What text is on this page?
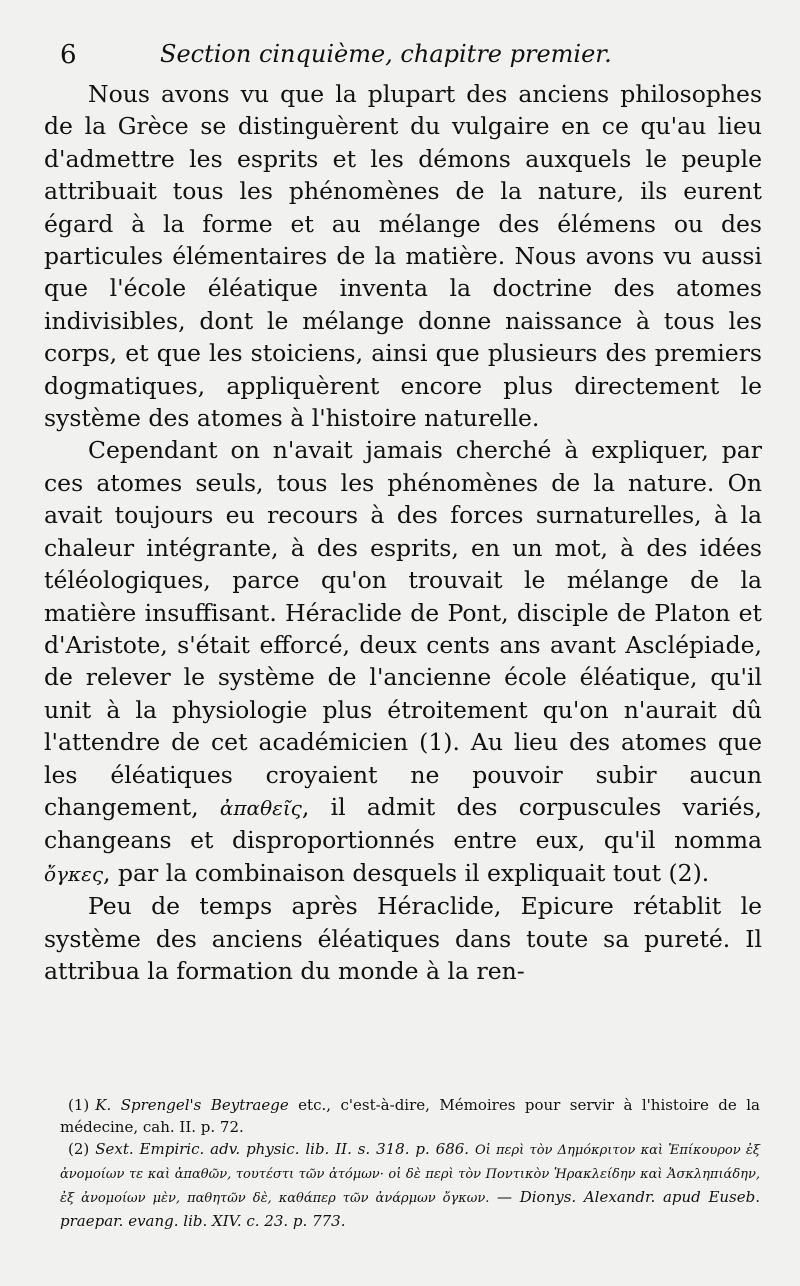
6	Section cinquième, chapitre premier.

Nous avons vu que la plupart des anciens philosophes de la Grèce se distinguèrent du vulgaire en ce qu'au lieu d'admettre les esprits et les démons auxquels le peuple attribuait tous les phénomènes de la nature, ils eurent égard à la forme et au mélange des élémens ou des particules élémentaires de la matière. Nous avons vu aussi que l'école éléatique inventa la doctrine des atomes indivisibles, dont le mélange donne naissance à tous les corps, et que les stoiciens, ainsi que plusieurs des premiers dogmatiques, appliquèrent encore plus directement le système des atomes à l'histoire naturelle.

Cependant on n'avait jamais cherché à expliquer, par ces atomes seuls, tous les phénomènes de la nature. On avait toujours eu recours à des forces surnaturelles, à la chaleur intégrante, à des esprits, en un mot, à des idées téléologiques, parce qu'on trouvait le mélange de la matière insuffisant. Héraclide de Pont, disciple de Platon et d'Aristote, s'était efforcé, deux cents ans avant Asclépiade, de relever le système de l'ancienne école éléatique, qu'il unit à la physiologie plus étroitement qu'on n'aurait dû l'attendre de cet académicien (1). Au lieu des atomes que les éléatiques croyaient ne pouvoir subir aucun changement, ἀπαθεῖς, il admit des corpuscules variés, changeans et disproportionnés entre eux, qu'il nomma ὄγκες, par la combinaison desquels il expliquait tout (2).

Peu de temps après Héraclide, Epicure rétablit le système des anciens éléatiques dans toute sa pureté. Il attribua la formation du monde à la ren-

(1) K. Sprengel's Beytraege etc., c'est-à-dire, Mémoires pour servir à l'histoire de la médecine, cah. II. p. 72.

(2) Sext. Empiric. adv. physic. lib. II. s. 318. p. 686. Οἱ περὶ τὸν Δημόκριτον καὶ Ἐπίκουρον ἐξ ἀνομοίων τε καὶ ἀπαθῶν, τουτέστι τῶν ἀτόμων· οἱ δὲ περὶ τὸν Ποντικὸν Ἡρακλείδην καὶ Ἀσκληπιάδην, ἐξ ἀνομοίων μὲν, παθητῶν δὲ, καθάπερ τῶν ἀνάρμων ὄγκων. — Dionys. Alexandr. apud Euseb. praepar. evang. lib. XIV. c. 23. p. 773.
